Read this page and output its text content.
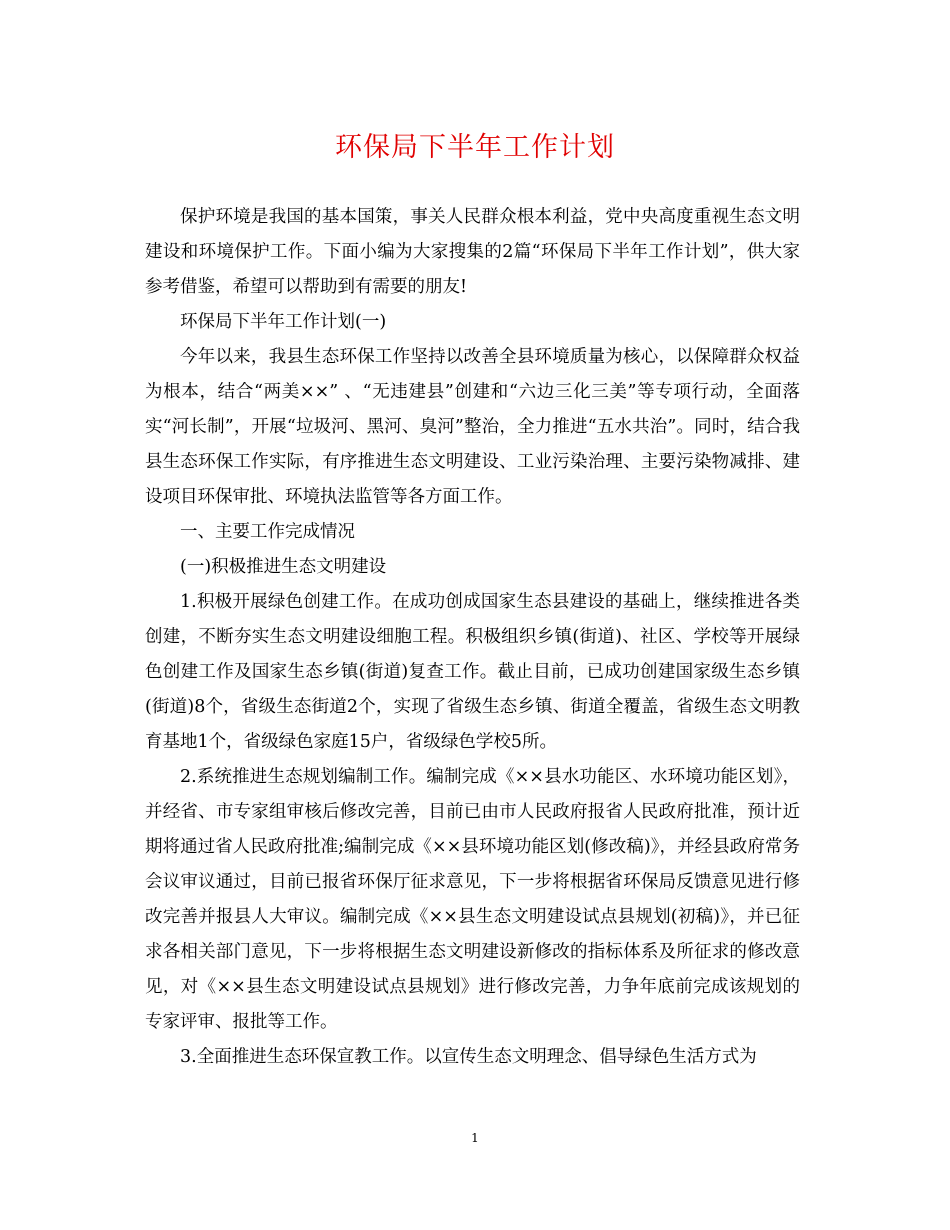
环保局下半年工作计划

保护环境是我国的基本国策，事关人民群众根本利益，党中央高度重视生态文明建设和环境保护工作。下面小编为大家搜集的2篇“环保局下半年工作计划”，供大家参考借鉴，希望可以帮助到有需要的朋友!

环保局下半年工作计划(一)

今年以来，我县生态环保工作坚持以改善全县环境质量为核心，以保障群众权益为根本，结合“两美××” 、“无违建县”创建和“六边三化三美”等专项行动，全面落实“河长制”，开展“垃圾河、黑河、臭河”整治，全力推进“五水共治”。同时，结合我县生态环保工作实际，有序推进生态文明建设、工业污染治理、主要污染物减排、建设项目环保审批、环境执法监管等各方面工作。

一、主要工作完成情况

(一)积极推进生态文明建设

1.积极开展绿色创建工作。在成功创成国家生态县建设的基础上，继续推进各类创建，不断夯实生态文明建设细胞工程。积极组织乡镇(街道)、社区、学校等开展绿色创建工作及国家生态乡镇(街道)复查工作。截止目前，已成功创建国家级生态乡镇(街道)8个，省级生态街道2个，实现了省级生态乡镇、街道全覆盖，省级生态文明教育基地1个，省级绿色家庭15户，省级绿色学校5所。

2.系统推进生态规划编制工作。编制完成《××县水功能区、水环境功能区划》，并经省、市专家组审核后修改完善，目前已由市人民政府报省人民政府批准，预计近期将通过省人民政府批准;编制完成《××县环境功能区划(修改稿)》，并经县政府常务会议审议通过，目前已报省环保厅征求意见，下一步将根据省环保局反馈意见进行修改完善并报县人大审议。编制完成《××县生态文明建设试点县规划(初稿)》，并已征求各相关部门意见，下一步将根据生态文明建设新修改的指标体系及所征求的修改意见，对《××县生态文明建设试点县规划》进行修改完善，力争年底前完成该规划的专家评审、报批等工作。

3.全面推进生态环保宣教工作。以宣传生态文明理念、倡导绿色生活方式为

1
